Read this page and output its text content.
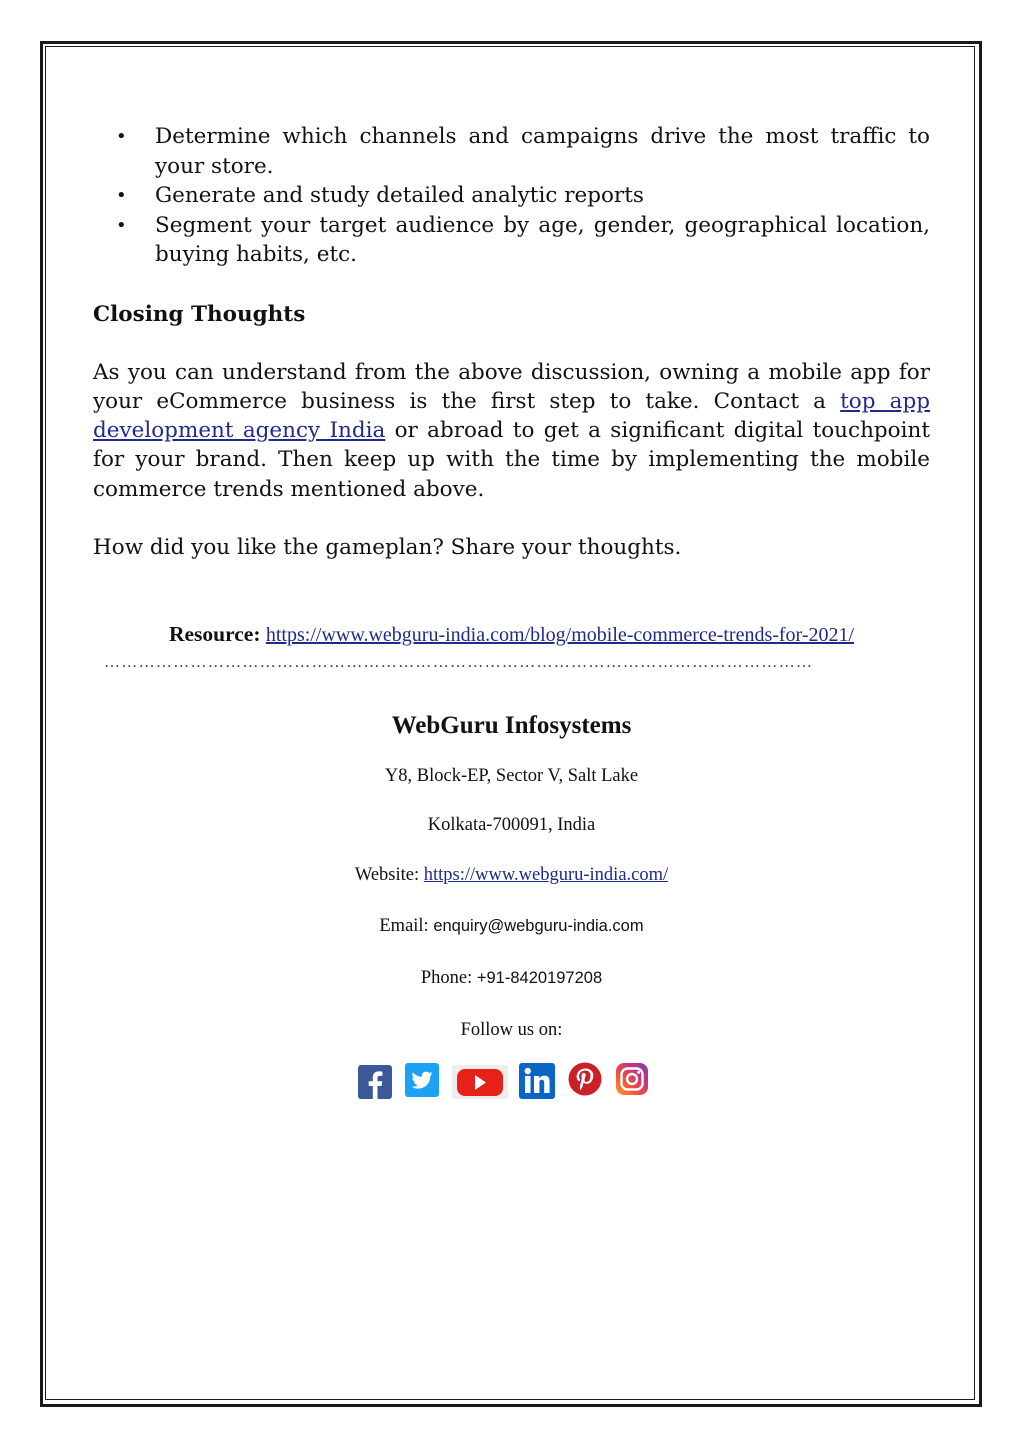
• Determine which channels and campaigns drive the most traffic to your store.
• Generate and study detailed analytic reports
• Segment your target audience by age, gender, geographical location, buying habits, etc.
Closing Thoughts
As you can understand from the above discussion, owning a mobile app for your eCommerce business is the first step to take. Contact a top app development agency India or abroad to get a significant digital touchpoint for your brand. Then keep up with the time by implementing the mobile commerce trends mentioned above.
How did you like the gameplan? Share your thoughts.
Resource: https://www.webguru-india.com/blog/mobile-commerce-trends-for-2021/
……………………………………………………………………………………………………………
WebGuru Infosystems
Y8, Block-EP, Sector V, Salt Lake
Kolkata-700091, India
Website: https://www.webguru-india.com/
Email: enquiry@webguru-india.com
Phone: +91-8420197208
Follow us on:
